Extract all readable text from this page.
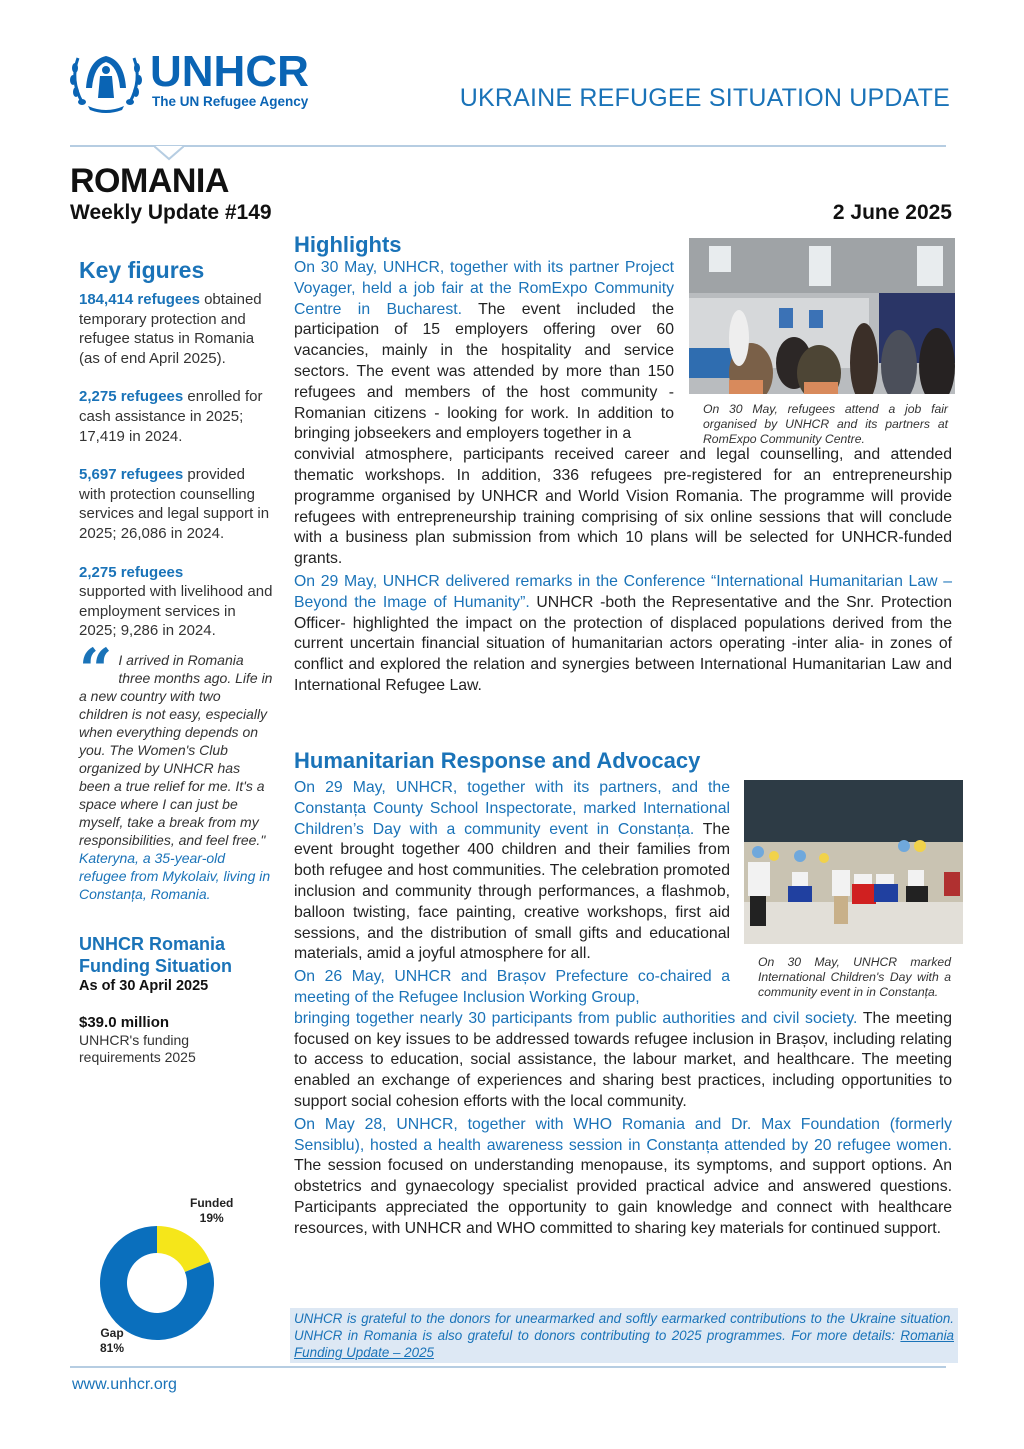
UNHCR
The UN Refugee Agency	UKRAINE REFUGEE SITUATION UPDATE
ROMANIA
Weekly Update #149	2 June 2025
Key figures
184,414 refugees obtained temporary protection and refugee status in Romania (as of end April 2025).
2,275 refugees enrolled for cash assistance in 2025; 17,419 in 2024.
5,697 refugees provided with protection counselling services and legal support in 2025; 26,086 in 2024.
2,275 refugees
supported with livelihood and employment services in 2025; 9,286 in 2024.
“ I arrived in Romania three months ago. Life in a new country with two children is not easy, especially when everything depends on you. The Women's Club organized by UNHCR has been a true relief for me. It's a space where I can just be myself, take a break from my responsibilities, and feel free." Kateryna, a 35-year-old refugee from Mykolaiv, living in Constanța, Romania.
UNHCR Romania Funding Situation
As of 30 April 2025
$39.0 million
UNHCR's funding requirements 2025
Funded
19%
Gap
81%
Highlights

On 30 May, UNHCR, together with its partner Project Voyager, held a job fair at the RomExpo Community Centre in Bucharest. The event included the participation of 15 employers offering over 60 vacancies, mainly in the hospitality and service sectors. The event was attended by more than 150 refugees and members of the host community - Romanian citizens - looking for work. In addition to bringing jobseekers and employers together in a

convivial atmosphere, participants received career and legal counselling, and attended thematic workshops. In addition, 336 refugees pre-registered for an entrepreneurship programme organised by UNHCR and World Vision Romania. The programme will provide refugees with entrepreneurship training comprising of six online sessions that will conclude with a business plan submission from which 10 plans will be selected for UNHCR-funded grants.

On 29 May, UNHCR delivered remarks in the Conference “International Humanitarian Law – Beyond the Image of Humanity”. UNHCR -both the Representative and the Snr. Protection Officer- highlighted the impact on the protection of displaced populations derived from the current uncertain financial situation of humanitarian actors operating -inter alia- in zones of conflict and explored the relation and synergies between International Humanitarian Law and International Refugee Law.

On 30 May, refugees attend a job fair organised by UNHCR and its partners at RomExpo Community Centre.
Humanitarian Response and Advocacy

On 29 May, UNHCR, together with its partners, and the Constanța County School Inspectorate, marked International Children’s Day with a community event in Constanța. The event brought together 400 children and their families from both refugee and host communities. The celebration promoted inclusion and community through performances, a flashmob, balloon twisting, face painting, creative workshops, first aid sessions, and the distribution of small gifts and educational materials, amid a joyful atmosphere for all.

On 26 May, UNHCR and Brașov Prefecture co-chaired a meeting of the Refugee Inclusion Working Group,

bringing together nearly 30 participants from public authorities and civil society. The meeting focused on key issues to be addressed towards refugee inclusion in Brașov, including relating to access to education, social assistance, the labour market, and healthcare. The meeting enabled an exchange of experiences and sharing best practices, including opportunities to support social cohesion efforts with the local community.

On May 28, UNHCR, together with WHO Romania and Dr. Max Foundation (formerly Sensiblu), hosted a health awareness session in Constanța attended by 20 refugee women. The session focused on understanding menopause, its symptoms, and support options. An obstetrics and gynaecology specialist provided practical advice and answered questions. Participants appreciated the opportunity to gain knowledge and connect with healthcare resources, with UNHCR and WHO committed to sharing key materials for continued support.

On 30 May, UNHCR marked International Children's Day with a community event in in Constanța.
UNHCR is grateful to the donors for unearmarked and softly earmarked contributions to the Ukraine situation. UNHCR in Romania is also grateful to donors contributing to 2025 programmes. For more details: Romania Funding Update – 2025
www.unhcr.org
